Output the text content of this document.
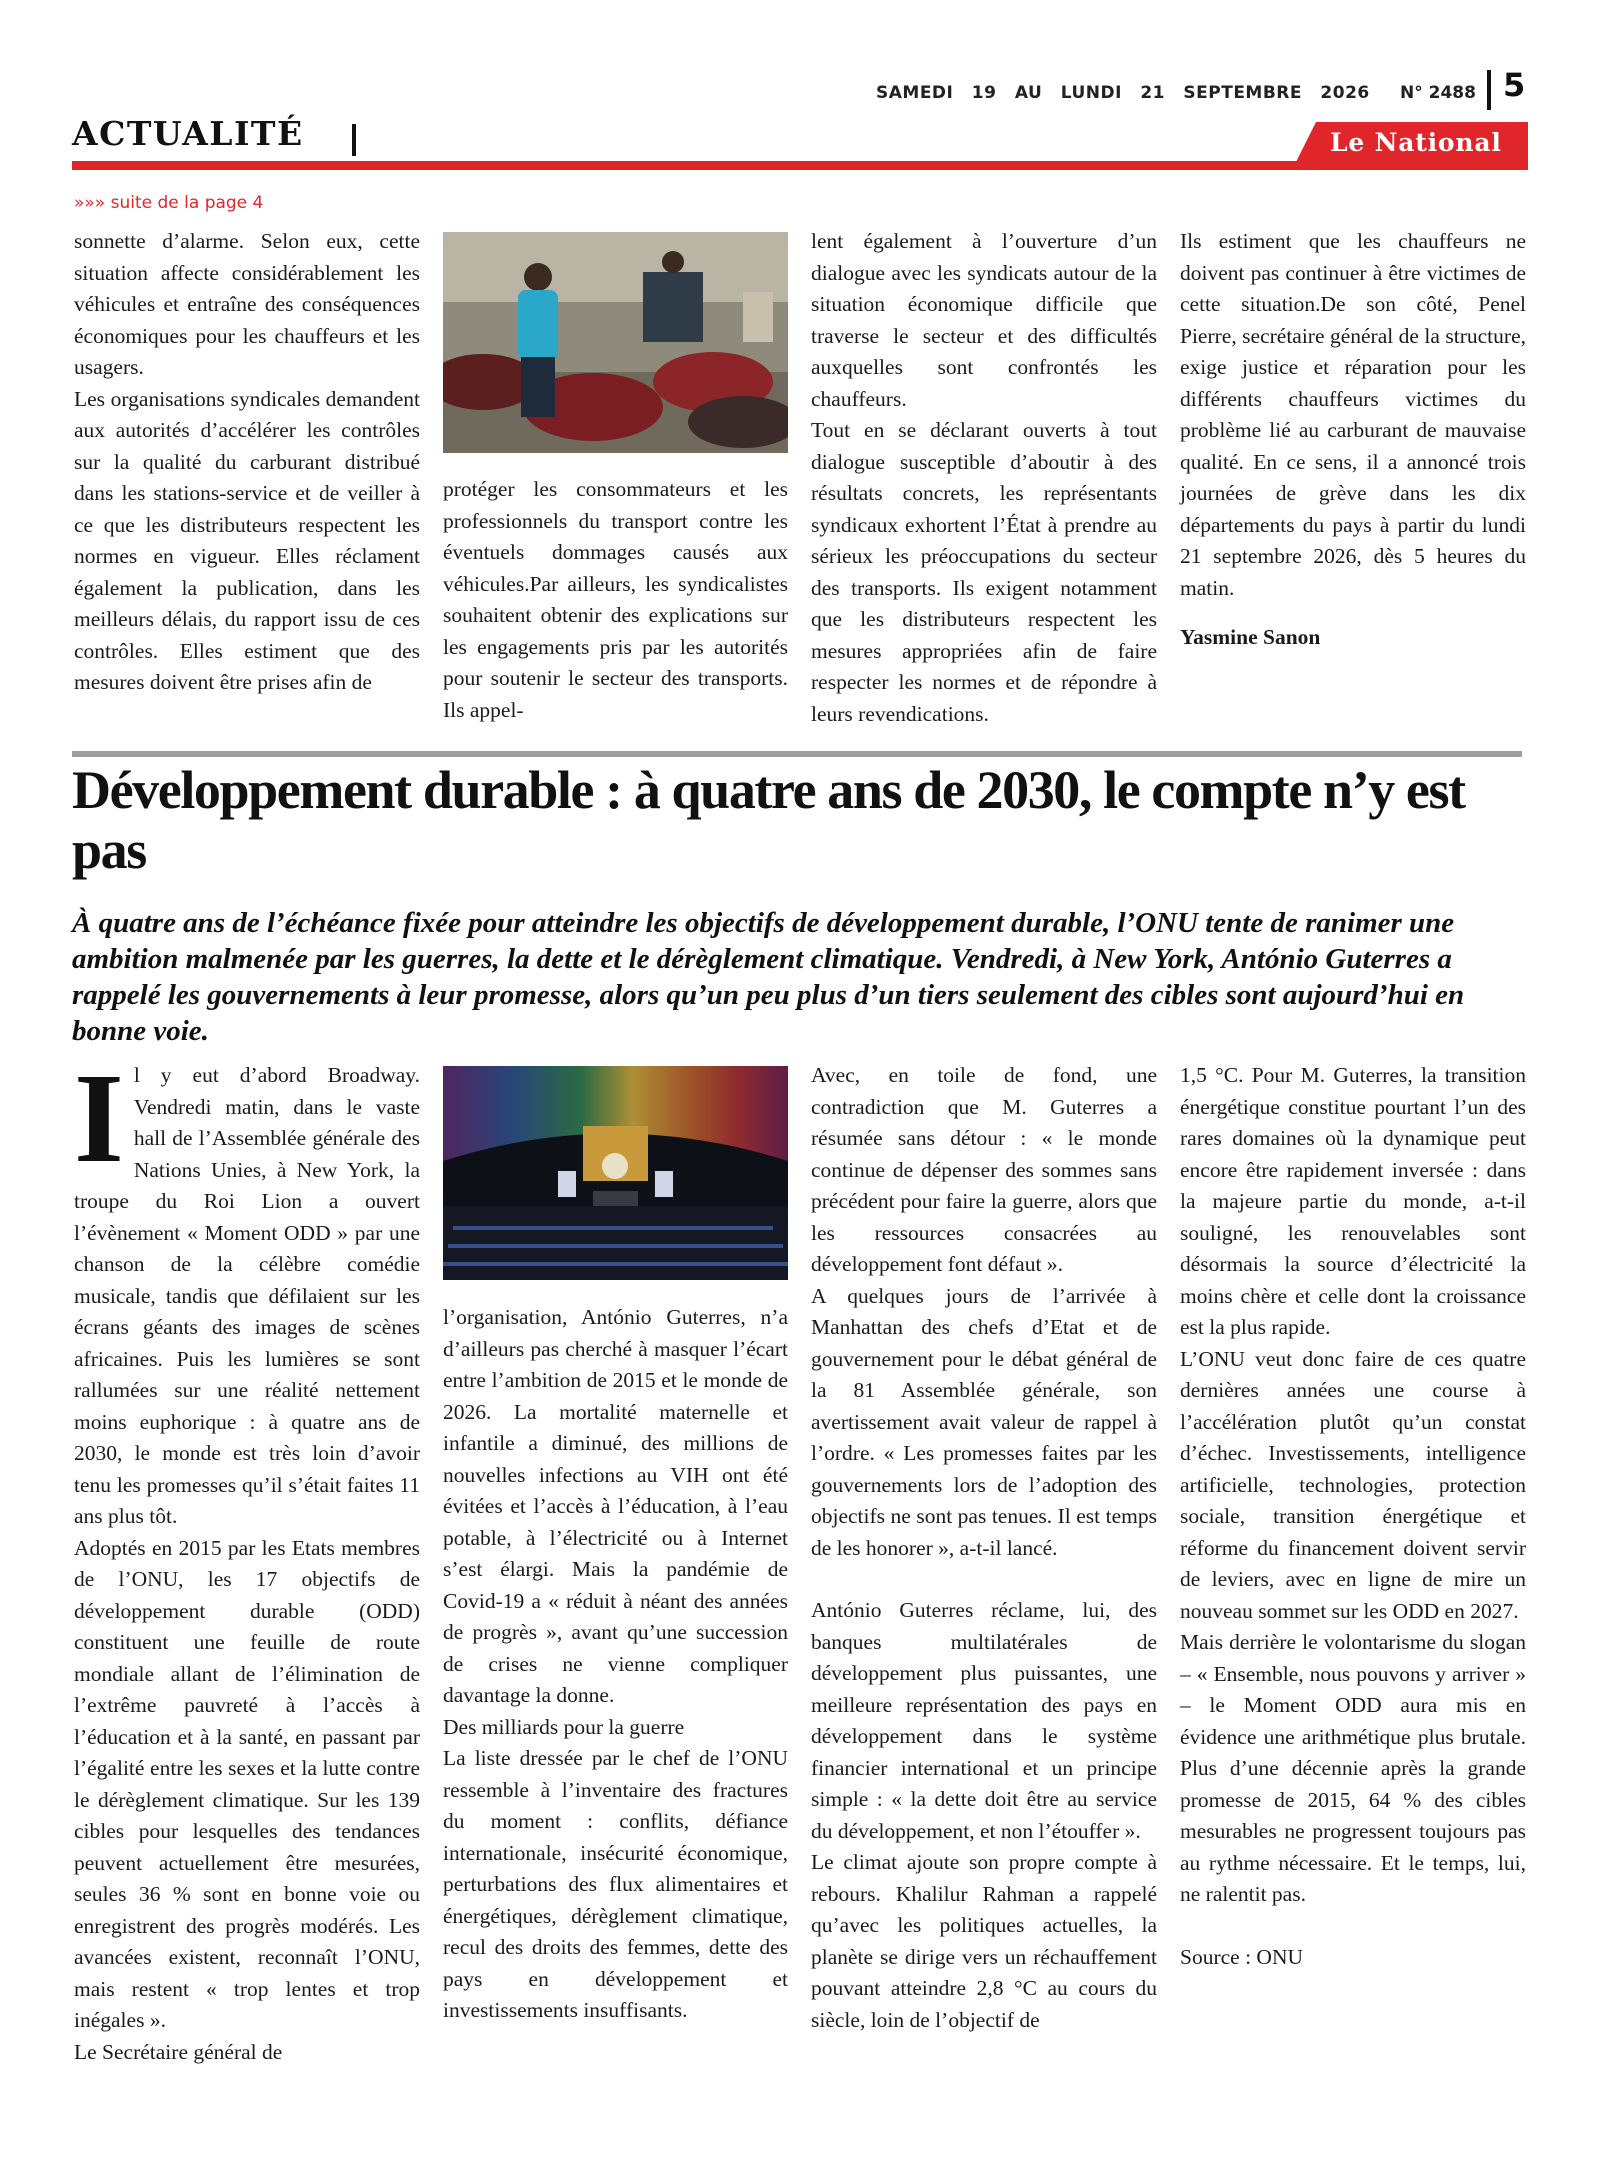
SAMEDI 19 AU LUNDI 21 SEPTEMBRE 2026 N° 2488 5
ACTUALITÉ	Le National
»»» suite de la page 4

sonnette d’alarme. Selon eux, cette situation affecte considérablement les véhicules et entraîne des conséquences économiques pour les chauffeurs et les usagers.

Les organisations syndicales demandent aux autorités d’accélérer les contrôles sur la qualité du carburant distribué dans les stations-service et de veiller à ce que les distributeurs respectent les normes en vigueur. Elles réclament également la publication, dans les meilleurs délais, du rapport issu de ces contrôles. Elles estiment que des mesures doivent être prises afin de

protéger les consommateurs et les professionnels du transport contre les éventuels dommages causés aux véhicules.Par ailleurs, les syndicalistes souhaitent obtenir des explications sur les engagements pris par les autorités pour soutenir le secteur des transports. Ils appel-

lent également à l’ouverture d’un dialogue avec les syndicats autour de la situation économique difficile que traverse le secteur et des difficultés auxquelles sont confrontés les chauffeurs.

Tout en se déclarant ouverts à tout dialogue susceptible d’aboutir à des résultats concrets, les représentants syndicaux exhortent l’État à prendre au sérieux les préoccupations du secteur des transports. Ils exigent notamment que les distributeurs respectent les mesures appropriées afin de faire respecter les normes et de répondre à leurs revendications.

Ils estiment que les chauffeurs ne doivent pas continuer à être victimes de cette situation.De son côté, Penel Pierre, secrétaire général de la structure, exige justice et réparation pour les différents chauffeurs victimes du problème lié au carburant de mauvaise qualité. En ce sens, il a annoncé trois journées de grève dans les dix départements du pays à partir du lundi 21 septembre 2026, dès 5 heures du matin.

Yasmine Sanon

Développement durable : à quatre ans de 2030, le compte n’y est pas

À quatre ans de l’échéance fixée pour atteindre les objectifs de développement durable, l’ONU tente de ranimer une ambition malmenée par les guerres, la dette et le dérèglement climatique. Vendredi, à New York, António Guterres a rappelé les gouvernements à leur promesse, alors qu’un peu plus d’un tiers seulement des cibles sont aujourd’hui en bonne voie.

Il y eut d’abord Broadway. Vendredi matin, dans le vaste hall de l’Assemblée générale des Nations Unies, à New York, la troupe du Roi Lion a ouvert l’évènement « Moment ODD » par une chanson de la célèbre comédie musicale, tandis que défilaient sur les écrans géants des images de scènes africaines. Puis les lumières se sont rallumées sur une réalité nettement moins euphorique : à quatre ans de 2030, le monde est très loin d’avoir tenu les promesses qu’il s’était faites 11 ans plus tôt.

Adoptés en 2015 par les Etats membres de l’ONU, les 17 objectifs de développement durable (ODD) constituent une feuille de route mondiale allant de l’élimination de l’extrême pauvreté à l’accès à l’éducation et à la santé, en passant par l’égalité entre les sexes et la lutte contre le dérèglement climatique. Sur les 139 cibles pour lesquelles des tendances peuvent actuellement être mesurées, seules 36 % sont en bonne voie ou enregistrent des progrès modérés. Les avancées existent, reconnaît l’ONU, mais restent « trop lentes et trop inégales ».

Le Secrétaire général de

l’organisation, António Guterres, n’a d’ailleurs pas cherché à masquer l’écart entre l’ambition de 2015 et le monde de 2026. La mortalité maternelle et infantile a diminué, des millions de nouvelles infections au VIH ont été évitées et l’accès à l’éducation, à l’eau potable, à l’électricité ou à Internet s’est élargi. Mais la pandémie de Covid-19 a « réduit à néant des années de progrès », avant qu’une succession de crises ne vienne compliquer davantage la donne.

Des milliards pour la guerre

La liste dressée par le chef de l’ONU ressemble à l’inventaire des fractures du moment : conflits, défiance internationale, insécurité économique, perturbations des flux alimentaires et énergétiques, dérèglement climatique, recul des droits des femmes, dette des pays en développement et investissements insuffisants.

Avec, en toile de fond, une contradiction que M. Guterres a résumée sans détour : « le monde continue de dépenser des sommes sans précédent pour faire la guerre, alors que les ressources consacrées au développement font défaut ».

A quelques jours de l’arrivée à Manhattan des chefs d’Etat et de gouvernement pour le débat général de la 81 Assemblée générale, son avertissement avait valeur de rappel à l’ordre. « Les promesses faites par les gouvernements lors de l’adoption des objectifs ne sont pas tenues. Il est temps de les honorer », a-t-il lancé.

António Guterres réclame, lui, des banques multilatérales de développement plus puissantes, une meilleure représentation des pays en développement dans le système financier international et un principe simple : « la dette doit être au service du développement, et non l’étouffer ».

Le climat ajoute son propre compte à rebours. Khalilur Rahman a rappelé qu’avec les politiques actuelles, la planète se dirige vers un réchauffement pouvant atteindre 2,8 °C au cours du siècle, loin de l’objectif de

1,5 °C. Pour M. Guterres, la transition énergétique constitue pourtant l’un des rares domaines où la dynamique peut encore être rapidement inversée : dans la majeure partie du monde, a-t-il souligné, les renouvelables sont désormais la source d’électricité la moins chère et celle dont la croissance est la plus rapide.

L’ONU veut donc faire de ces quatre dernières années une course à l’accélération plutôt qu’un constat d’échec. Investissements, intelligence artificielle, technologies, protection sociale, transition énergétique et réforme du financement doivent servir de leviers, avec en ligne de mire un nouveau sommet sur les ODD en 2027.

Mais derrière le volontarisme du slogan – « Ensemble, nous pouvons y arriver » – le Moment ODD aura mis en évidence une arithmétique plus brutale. Plus d’une décennie après la grande promesse de 2015, 64 % des cibles mesurables ne progressent toujours pas au rythme nécessaire. Et le temps, lui, ne ralentit pas.

Source : ONU
